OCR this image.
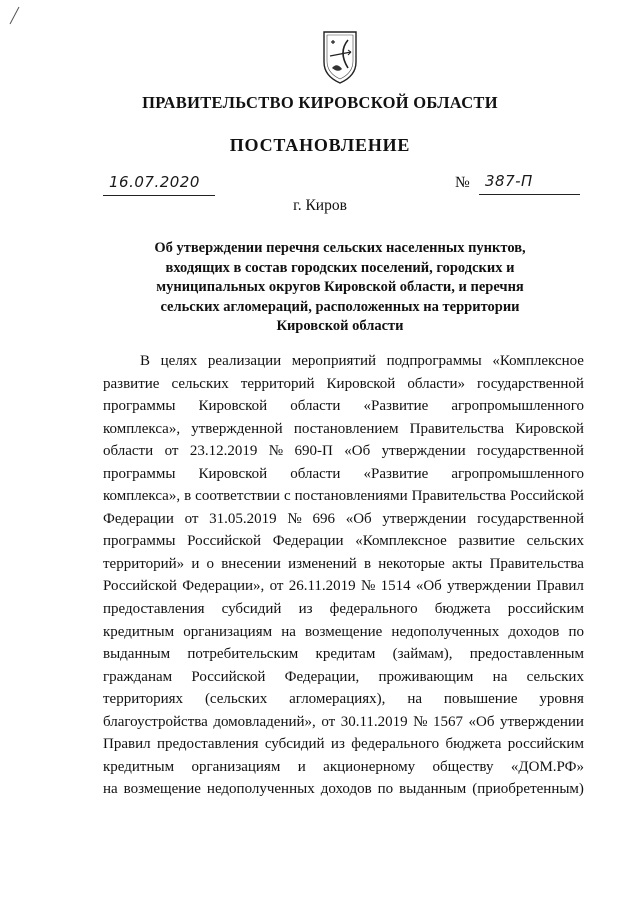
ПРАВИТЕЛЬСТВО КИРОВСКОЙ ОБЛАСТИ
ПОСТАНОВЛЕНИЕ
16.07.2020	№ 387-П
г. Киров
Об утверждении перечня сельских населенных пунктов,
входящих в состав городских поселений, городских и
муниципальных округов Кировской области, и перечня
сельских агломераций, расположенных на территории
Кировской области
В целях реализации мероприятий подпрограммы «Комплексное
развитие сельских территорий Кировской области» государственной
программы Кировской области «Развитие агропромышленного
комплекса», утвержденной постановлением Правительства Кировской
области от 23.12.2019 № 690-П «Об утверждении государственной
программы Кировской области «Развитие агропромышленного
комплекса», в соответствии с постановлениями Правительства Российской
Федерации от 31.05.2019 № 696 «Об утверждении государственной
программы Российской Федерации «Комплексное развитие сельских
территорий» и о внесении изменений в некоторые акты Правительства
Российской Федерации», от 26.11.2019 № 1514 «Об утверждении Правил
предоставления субсидий из федерального бюджета российским
кредитным организациям на возмещение недополученных доходов по
выданным потребительским кредитам (займам), предоставленным
гражданам Российской Федерации, проживающим на сельских
территориях (сельских агломерациях), на повышение уровня
благоустройства домовладений», от 30.11.2019 № 1567 «Об утверждении
Правил предоставления субсидий из федерального бюджета российским
кредитным организациям и акционерному обществу «ДОМ.РФ»
на возмещение недополученных доходов по выданным (приобретенным)
